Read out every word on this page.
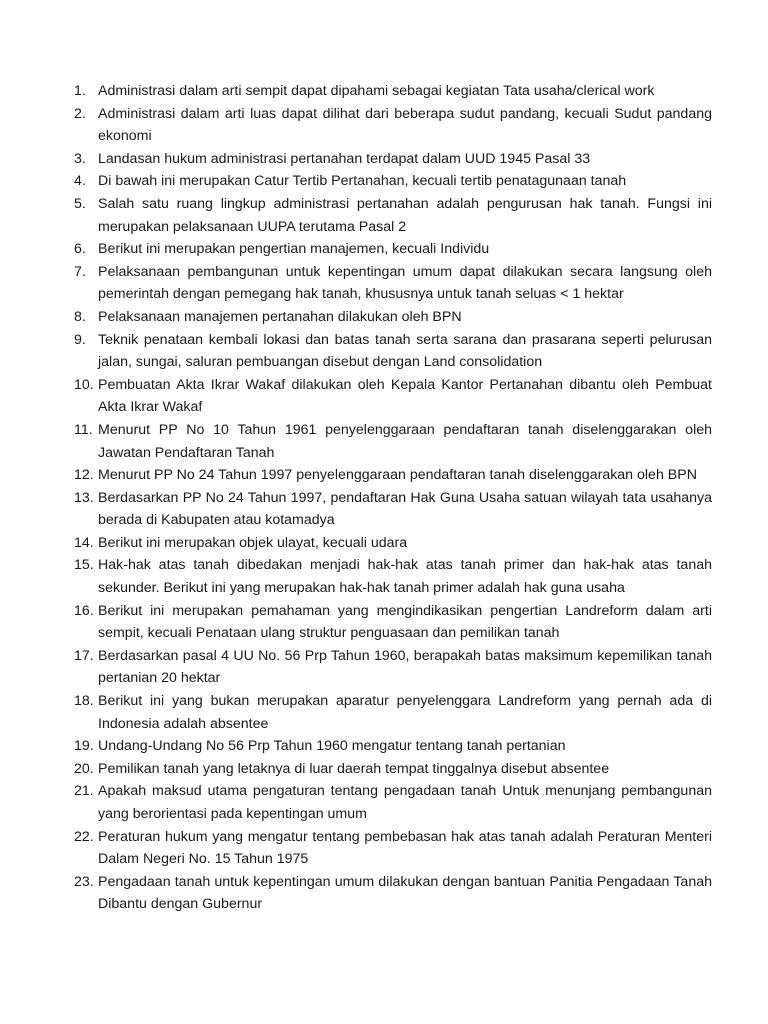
1. Administrasi dalam arti sempit dapat dipahami sebagai kegiatan Tata usaha/clerical work
2. Administrasi dalam arti luas dapat dilihat dari beberapa sudut pandang, kecuali Sudut pandang ekonomi
3. Landasan hukum administrasi pertanahan terdapat dalam UUD 1945 Pasal 33
4. Di bawah ini merupakan Catur Tertib Pertanahan, kecuali tertib penatagunaan tanah
5. Salah satu ruang lingkup administrasi pertanahan adalah pengurusan hak tanah. Fungsi ini merupakan pelaksanaan UUPA terutama Pasal 2
6. Berikut ini merupakan pengertian manajemen, kecuali Individu
7. Pelaksanaan pembangunan untuk kepentingan umum dapat dilakukan secara langsung oleh pemerintah dengan pemegang hak tanah, khususnya untuk tanah seluas < 1 hektar
8. Pelaksanaan manajemen pertanahan dilakukan oleh BPN
9. Teknik penataan kembali lokasi dan batas tanah serta sarana dan prasarana seperti pelurusan jalan, sungai, saluran pembuangan disebut dengan Land consolidation
10. Pembuatan Akta Ikrar Wakaf dilakukan oleh Kepala Kantor Pertanahan dibantu oleh Pembuat Akta Ikrar Wakaf
11. Menurut PP No 10 Tahun 1961 penyelenggaraan pendaftaran tanah diselenggarakan oleh Jawatan Pendaftaran Tanah
12. Menurut PP No 24 Tahun 1997 penyelenggaraan pendaftaran tanah diselenggarakan oleh BPN
13. Berdasarkan PP No 24 Tahun 1997, pendaftaran Hak Guna Usaha satuan wilayah tata usahanya berada di Kabupaten atau kotamadya
14. Berikut ini merupakan objek ulayat, kecuali udara
15. Hak-hak atas tanah dibedakan menjadi hak-hak atas tanah primer dan hak-hak atas tanah sekunder. Berikut ini yang merupakan hak-hak tanah primer adalah hak guna usaha
16. Berikut ini merupakan pemahaman yang mengindikasikan pengertian Landreform dalam arti sempit, kecuali Penataan ulang struktur penguasaan dan pemilikan tanah
17. Berdasarkan pasal 4 UU No. 56 Prp Tahun 1960, berapakah batas maksimum kepemilikan tanah pertanian 20 hektar
18. Berikut ini yang bukan merupakan aparatur penyelenggara Landreform yang pernah ada di Indonesia adalah absentee
19. Undang-Undang No 56 Prp Tahun 1960 mengatur tentang tanah pertanian
20. Pemilikan tanah yang letaknya di luar daerah tempat tinggalnya disebut absentee
21. Apakah maksud utama pengaturan tentang pengadaan tanah Untuk menunjang pembangunan yang berorientasi pada kepentingan umum
22. Peraturan hukum yang mengatur tentang pembebasan hak atas tanah adalah Peraturan Menteri Dalam Negeri No. 15 Tahun 1975
23. Pengadaan tanah untuk kepentingan umum dilakukan dengan bantuan Panitia Pengadaan Tanah Dibantu dengan Gubernur
